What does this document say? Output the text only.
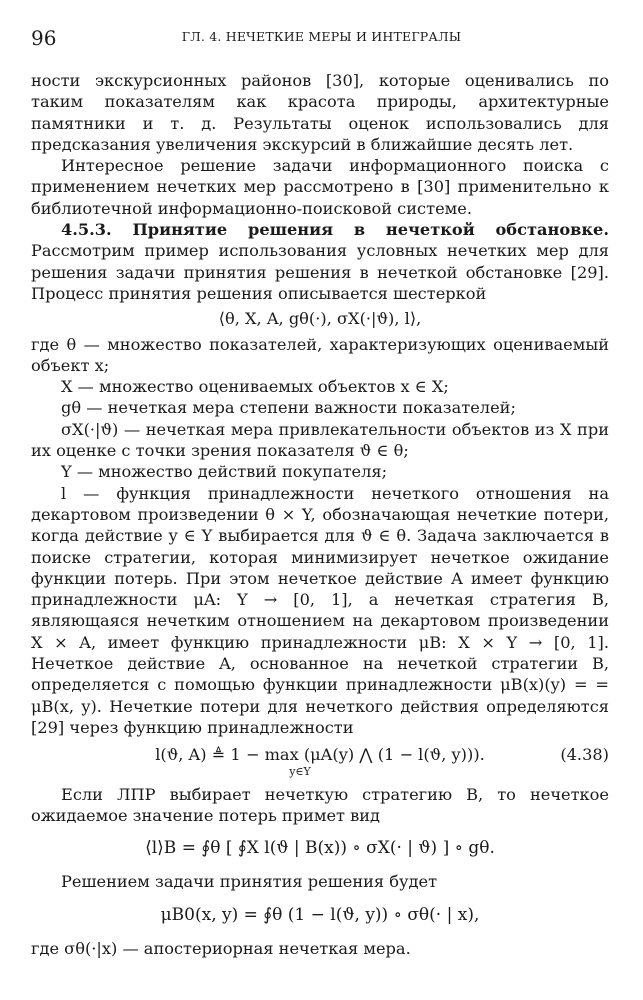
96	ГЛ. 4. НЕЧЕТКИЕ МЕРЫ И ИНТЕГРАЛЫ

ности экскурсионных районов [30], которые оценивались по таким показателям как красота природы, архитектурные памятники и т. д. Результаты оценок использовались для предсказания увеличения экскурсий в ближайшие десять лет.

Интересное решение задачи информационного поиска с применением нечетких мер рассмотрено в [30] применительно к библиотечной информационно-поисковой системе.

4.5.3. Принятие решения в нечеткой обстановке. Рассмотрим пример использования условных нечетких мер для решения задачи принятия решения в нечеткой обстановке [29]. Процесс принятия решения описывается шестеркой

⟨θ, X, A, gθ(·), σX(·|ϑ), l⟩,

где θ — множество показателей, характеризующих оцениваемый объект x;

X — множество оцениваемых объектов x ∈ X;

gθ — нечеткая мера степени важности показателей;

σX(·|ϑ) — нечеткая мера привлекательности объектов из X при их оценке с точки зрения показателя ϑ ∈ θ;

Y — множество действий покупателя;

l — функция принадлежности нечеткого отношения на декартовом произведении θ × Y, обозначающая нечеткие потери, когда действие y ∈ Y выбирается для ϑ ∈ θ. Задача заключается в поиске стратегии, которая минимизирует нечеткое ожидание функции потерь. При этом нечеткое действие A имеет функцию принадлежности μA: Y → [0, 1], а нечеткая стратегия B, являющаяся нечетким отношением на декартовом произведении X × A, имеет функцию принадлежности μB: X × Y → [0, 1]. Нечеткое действие A, основанное на нечеткой стратегии B, определяется с помощью функции принадлежности μB(x)(y) = = μB(x, y). Нечеткие потери для нечеткого действия определяются [29] через функцию принадлежности

l(ϑ, A) ≜ 1 − max (μA(y) ⋀ (1 − l(ϑ, y))).
y∈Y
(4.38)

Если ЛПР выбирает нечеткую стратегию B, то нечеткое ожидаемое значение потерь примет вид

⟨l⟩B = ∮θ [ ∮X l(ϑ | B(x)) ∘ σX(· | ϑ) ] ∘ gθ.

Решением задачи принятия решения будет

μB0(x, y) = ∮θ (1 − l(ϑ, y)) ∘ σθ(· | x),

где σθ(·|x) — апостериорная нечеткая мера.
